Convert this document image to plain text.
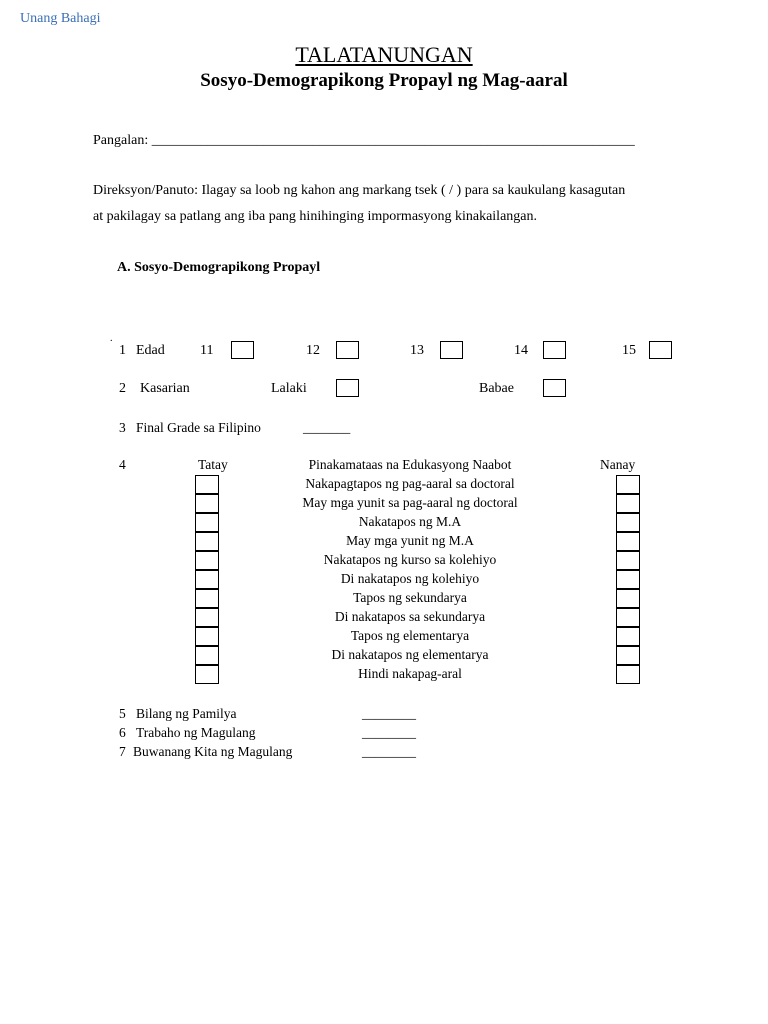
Unang Bahagi
TALATANUNGAN
Sosyo-Demograpikong Propayl ng Mag-aaral
Pangalan: _____________________________________________________________________
Direksyon/Panuto: Ilagay sa loob ng kahon ang markang tsek ( / ) para sa kaukulang kasagutan
at pakilagay sa patlang ang iba pang hinihinging impormasyong kinakailangan.
A. Sosyo-Demograpikong Propayl
.
1 Edad	11	12	13	14	15
2 Kasarian	Lalaki	Babae
3 Final Grade sa Filipino	_______
4	Tatay	Pinakamataas na Edukasyong Naabot	Nanay
Nakapagtapos ng pag-aaral sa doctoral
May mga yunit sa pag-aaral ng doctoral
Nakatapos ng M.A
May mga yunit ng M.A
Nakatapos ng kurso sa kolehiyo
Di nakatapos ng kolehiyo
Tapos ng sekundarya
Di nakatapos sa sekundarya
Tapos ng elementarya
Di nakatapos ng elementarya
Hindi nakapag-aral
5 Bilang ng Pamilya	________
6 Trabaho ng Magulang	________
7 Buwanang Kita ng Magulang	________
